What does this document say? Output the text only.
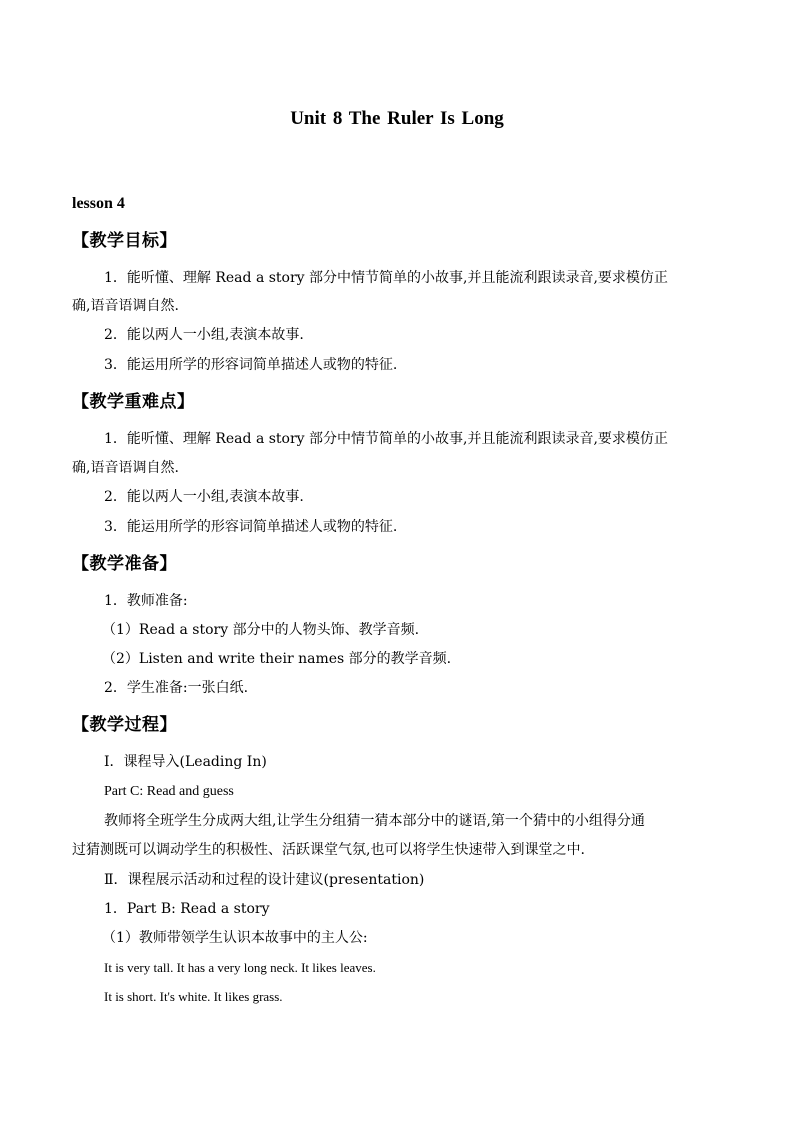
Unit 8 The Ruler Is Long
lesson 4
【教学目标】
1．能听懂、理解 Read a story 部分中情节简单的小故事,并且能流利跟读录音,要求模仿正
确,语音语调自然.
2．能以两人一小组,表演本故事.
3．能运用所学的形容词简单描述人或物的特征.
【教学重难点】
1．能听懂、理解 Read a story 部分中情节简单的小故事,并且能流利跟读录音,要求模仿正
确,语音语调自然.
2．能以两人一小组,表演本故事.
3．能运用所学的形容词简单描述人或物的特征.
【教学准备】
1．教师准备:
（1）Read a story 部分中的人物头饰、教学音频.
（2）Listen and write their names 部分的教学音频.
2．学生准备:一张白纸.
【教学过程】
Ⅰ．课程导入(Leading In)
Part C: Read and guess
教师将全班学生分成两大组,让学生分组猜一猜本部分中的谜语,第一个猜中的小组得分通
过猜测既可以调动学生的积极性、活跃课堂气氛,也可以将学生快速带入到课堂之中.
Ⅱ．课程展示活动和过程的设计建议(presentation)
1．Part B: Read a story
（1）教师带领学生认识本故事中的主人公:
It is very tall. It has a very long neck. It likes leaves.
It is short. It's white. It likes grass.
